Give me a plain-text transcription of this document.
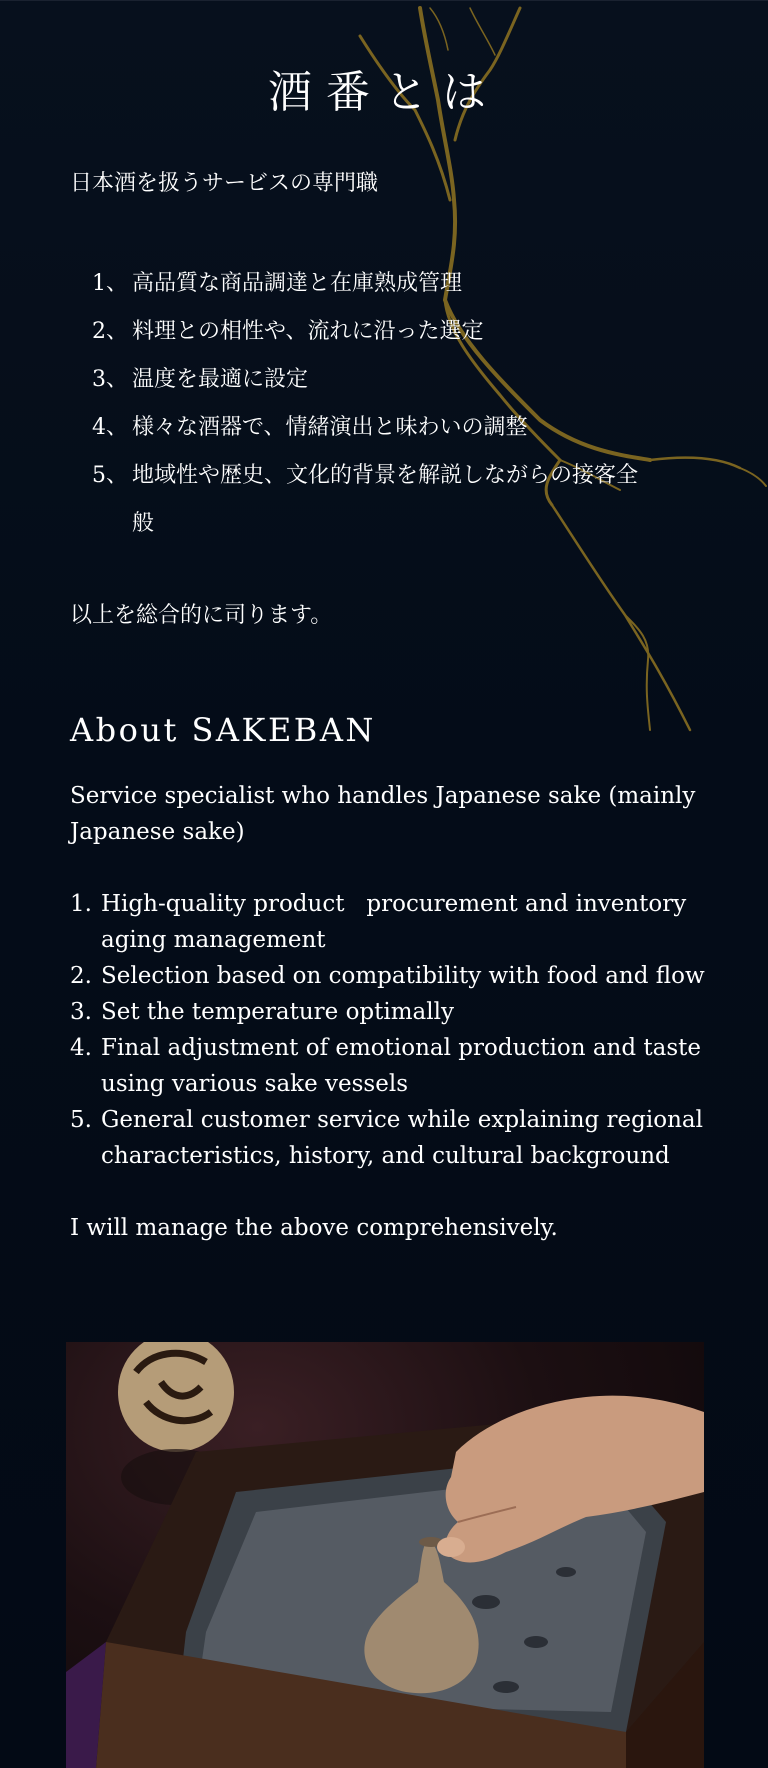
酒番とは

日本酒を扱うサービスの専門職

1、 高品質な商品調達と在庫熟成管理
2、 料理との相性や、流れに沿った選定
3、 温度を最適に設定
4、 様々な酒器で、情緒演出と味わいの調整
5、 地域性や歴史、文化的背景を解説しながらの接客全般

以上を総合的に司ります。

About SAKEBAN

Service specialist who handles Japanese sake (mainly Japanese sake)

1. High-quality product   procurement and inventory aging management
2. Selection based on compatibility with food and flow
3. Set the temperature optimally
4. Final adjustment of emotional production and taste using various sake vessels
5. General customer service while explaining regional characteristics, history, and cultural background

I will manage the above comprehensively.
